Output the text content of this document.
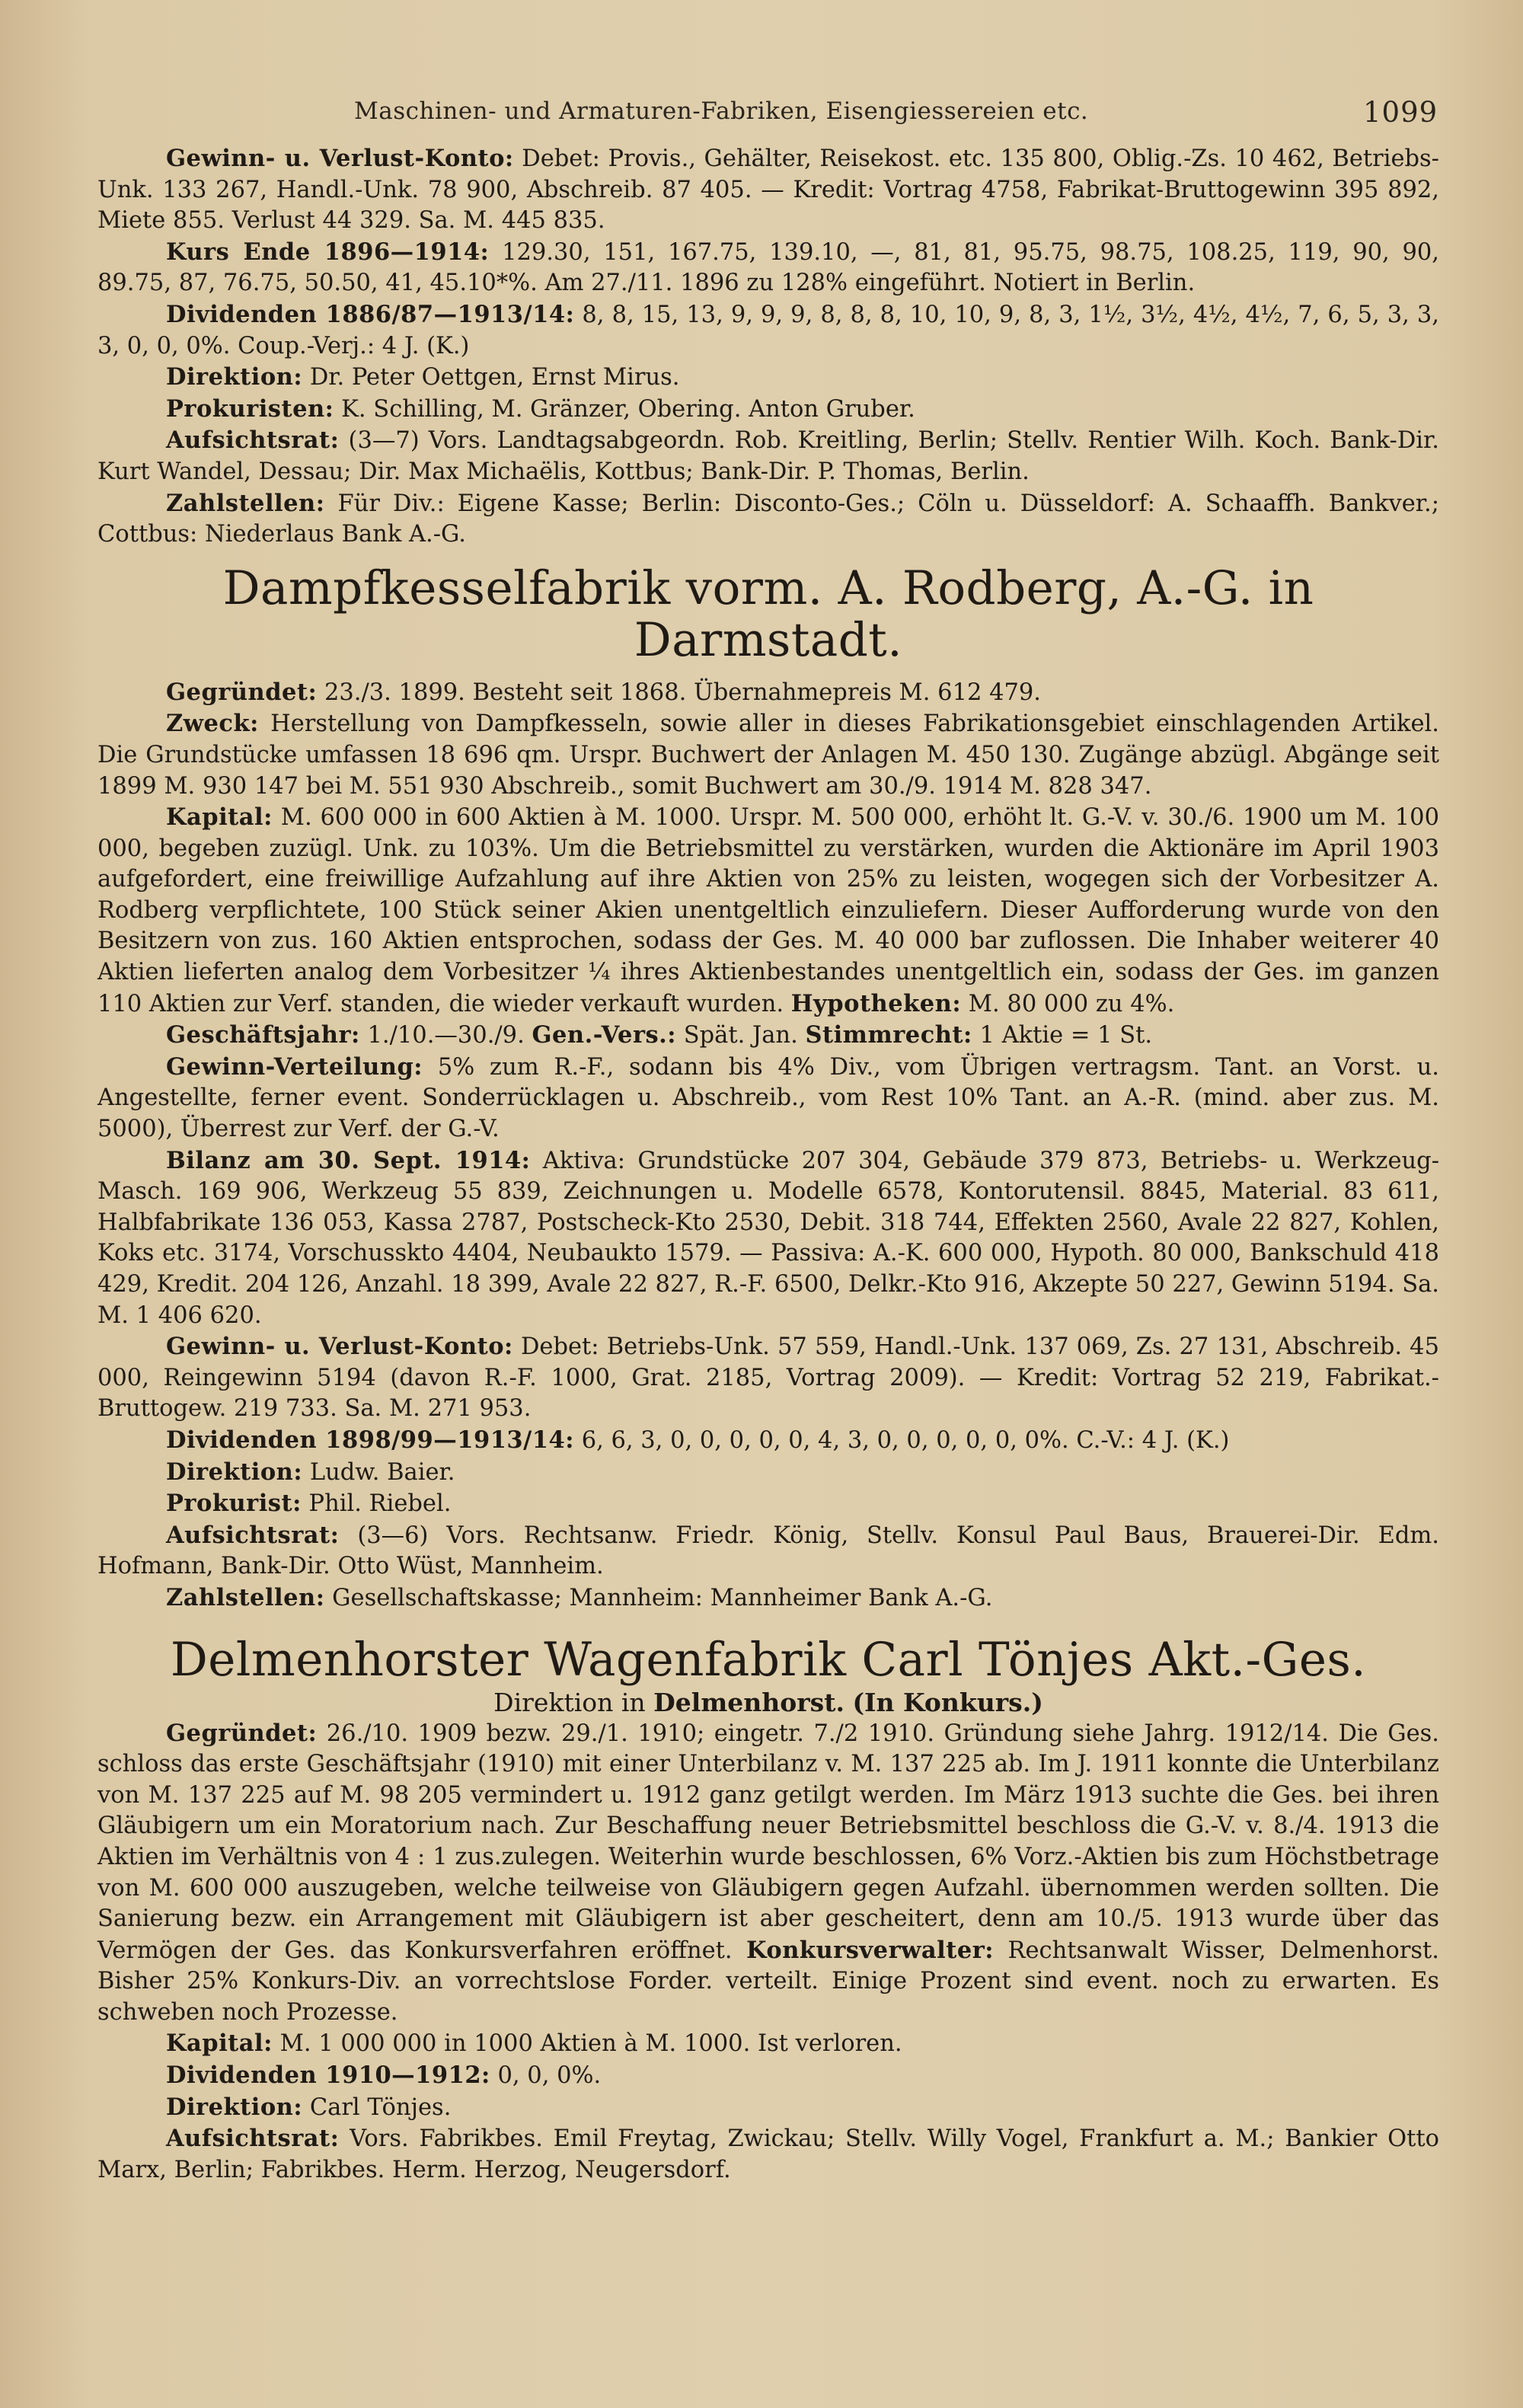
Maschinen- und Armaturen-Fabriken, Eisengiessereien etc.	1099

Gewinn- u. Verlust-Konto: Debet: Provis., Gehälter, Reisekost. etc. 135 800, Oblig.-Zs. 10 462, Betriebs-Unk. 133 267, Handl.-Unk. 78 900, Abschreib. 87 405. — Kredit: Vortrag 4758, Fabrikat-Bruttogewinn 395 892, Miete 855. Verlust 44 329. Sa. M. 445 835.

Kurs Ende 1896—1914: 129.30, 151, 167.75, 139.10, —, 81, 81, 95.75, 98.75, 108.25, 119, 90, 90, 89.75, 87, 76.75, 50.50, 41, 45.10*%. Am 27./11. 1896 zu 128% eingeführt. Notiert in Berlin.

Dividenden 1886/87—1913/14: 8, 8, 15, 13, 9, 9, 9, 8, 8, 8, 10, 10, 9, 8, 3, 1½, 3½, 4½, 4½, 7, 6, 5, 3, 3, 3, 0, 0, 0%. Coup.-Verj.: 4 J. (K.)

Direktion: Dr. Peter Oettgen, Ernst Mirus.

Prokuristen: K. Schilling, M. Gränzer, Obering. Anton Gruber.

Aufsichtsrat: (3—7) Vors. Landtagsabgeordn. Rob. Kreitling, Berlin; Stellv. Rentier Wilh. Koch. Bank-Dir. Kurt Wandel, Dessau; Dir. Max Michaëlis, Kottbus; Bank-Dir. P. Thomas, Berlin.

Zahlstellen: Für Div.: Eigene Kasse; Berlin: Disconto-Ges.; Cöln u. Düsseldorf: A. Schaaffh. Bankver.; Cottbus: Niederlaus Bank A.-G.

Dampfkesselfabrik vorm. A. Rodberg, A.-G. in Darmstadt.

Gegründet: 23./3. 1899. Besteht seit 1868. Übernahmepreis M. 612 479.

Zweck: Herstellung von Dampfkesseln, sowie aller in dieses Fabrikationsgebiet einschlagenden Artikel. Die Grundstücke umfassen 18 696 qm. Urspr. Buchwert der Anlagen M. 450 130. Zugänge abzügl. Abgänge seit 1899 M. 930 147 bei M. 551 930 Abschreib., somit Buchwert am 30./9. 1914 M. 828 347.

Kapital: M. 600 000 in 600 Aktien à M. 1000. Urspr. M. 500 000, erhöht lt. G.-V. v. 30./6. 1900 um M. 100 000, begeben zuzügl. Unk. zu 103%. Um die Betriebsmittel zu verstärken, wurden die Aktionäre im April 1903 aufgefordert, eine freiwillige Aufzahlung auf ihre Aktien von 25% zu leisten, wogegen sich der Vorbesitzer A. Rodberg verpflichtete, 100 Stück seiner Akien unentgeltlich einzuliefern. Dieser Aufforderung wurde von den Besitzern von zus. 160 Aktien entsprochen, sodass der Ges. M. 40 000 bar zuflossen. Die Inhaber weiterer 40 Aktien lieferten analog dem Vorbesitzer ¼ ihres Aktienbestandes unentgeltlich ein, sodass der Ges. im ganzen 110 Aktien zur Verf. standen, die wieder verkauft wurden. Hypotheken: M. 80 000 zu 4%.

Geschäftsjahr: 1./10.—30./9. Gen.-Vers.: Spät. Jan. Stimmrecht: 1 Aktie = 1 St.

Gewinn-Verteilung: 5% zum R.-F., sodann bis 4% Div., vom Übrigen vertragsm. Tant. an Vorst. u. Angestellte, ferner event. Sonderrücklagen u. Abschreib., vom Rest 10% Tant. an A.-R. (mind. aber zus. M. 5000), Überrest zur Verf. der G.-V.

Bilanz am 30. Sept. 1914: Aktiva: Grundstücke 207 304, Gebäude 379 873, Betriebs- u. Werkzeug-Masch. 169 906, Werkzeug 55 839, Zeichnungen u. Modelle 6578, Kontorutensil. 8845, Material. 83 611, Halbfabrikate 136 053, Kassa 2787, Postscheck-Kto 2530, Debit. 318 744, Effekten 2560, Avale 22 827, Kohlen, Koks etc. 3174, Vorschusskto 4404, Neubaukto 1579. — Passiva: A.-K. 600 000, Hypoth. 80 000, Bankschuld 418 429, Kredit. 204 126, Anzahl. 18 399, Avale 22 827, R.-F. 6500, Delkr.-Kto 916, Akzepte 50 227, Gewinn 5194. Sa. M. 1 406 620.

Gewinn- u. Verlust-Konto: Debet: Betriebs-Unk. 57 559, Handl.-Unk. 137 069, Zs. 27 131, Abschreib. 45 000, Reingewinn 5194 (davon R.-F. 1000, Grat. 2185, Vortrag 2009). — Kredit: Vortrag 52 219, Fabrikat.-Bruttogew. 219 733. Sa. M. 271 953.

Dividenden 1898/99—1913/14: 6, 6, 3, 0, 0, 0, 0, 0, 4, 3, 0, 0, 0, 0, 0, 0%. C.-V.: 4 J. (K.)

Direktion: Ludw. Baier.

Prokurist: Phil. Riebel.

Aufsichtsrat: (3—6) Vors. Rechtsanw. Friedr. König, Stellv. Konsul Paul Baus, Brauerei-Dir. Edm. Hofmann, Bank-Dir. Otto Wüst, Mannheim.

Zahlstellen: Gesellschaftskasse; Mannheim: Mannheimer Bank A.-G.

Delmenhorster Wagenfabrik Carl Tönjes Akt.-Ges.
Direktion in Delmenhorst. (In Konkurs.)

Gegründet: 26./10. 1909 bezw. 29./1. 1910; eingetr. 7./2 1910. Gründung siehe Jahrg. 1912/14. Die Ges. schloss das erste Geschäftsjahr (1910) mit einer Unterbilanz v. M. 137 225 ab. Im J. 1911 konnte die Unterbilanz von M. 137 225 auf M. 98 205 vermindert u. 1912 ganz getilgt werden. Im März 1913 suchte die Ges. bei ihren Gläubigern um ein Moratorium nach. Zur Beschaffung neuer Betriebsmittel beschloss die G.-V. v. 8./4. 1913 die Aktien im Verhältnis von 4 : 1 zus.zulegen. Weiterhin wurde beschlossen, 6% Vorz.-Aktien bis zum Höchstbetrage von M. 600 000 auszugeben, welche teilweise von Gläubigern gegen Aufzahl. übernommen werden sollten. Die Sanierung bezw. ein Arrangement mit Gläubigern ist aber gescheitert, denn am 10./5. 1913 wurde über das Vermögen der Ges. das Konkursverfahren eröffnet. Konkursverwalter: Rechtsanwalt Wisser, Delmenhorst. Bisher 25% Konkurs-Div. an vorrechtslose Forder. verteilt. Einige Prozent sind event. noch zu erwarten. Es schweben noch Prozesse.

Kapital: M. 1 000 000 in 1000 Aktien à M. 1000. Ist verloren.

Dividenden 1910—1912: 0, 0, 0%.

Direktion: Carl Tönjes.

Aufsichtsrat: Vors. Fabrikbes. Emil Freytag, Zwickau; Stellv. Willy Vogel, Frankfurt a. M.; Bankier Otto Marx, Berlin; Fabrikbes. Herm. Herzog, Neugersdorf.
